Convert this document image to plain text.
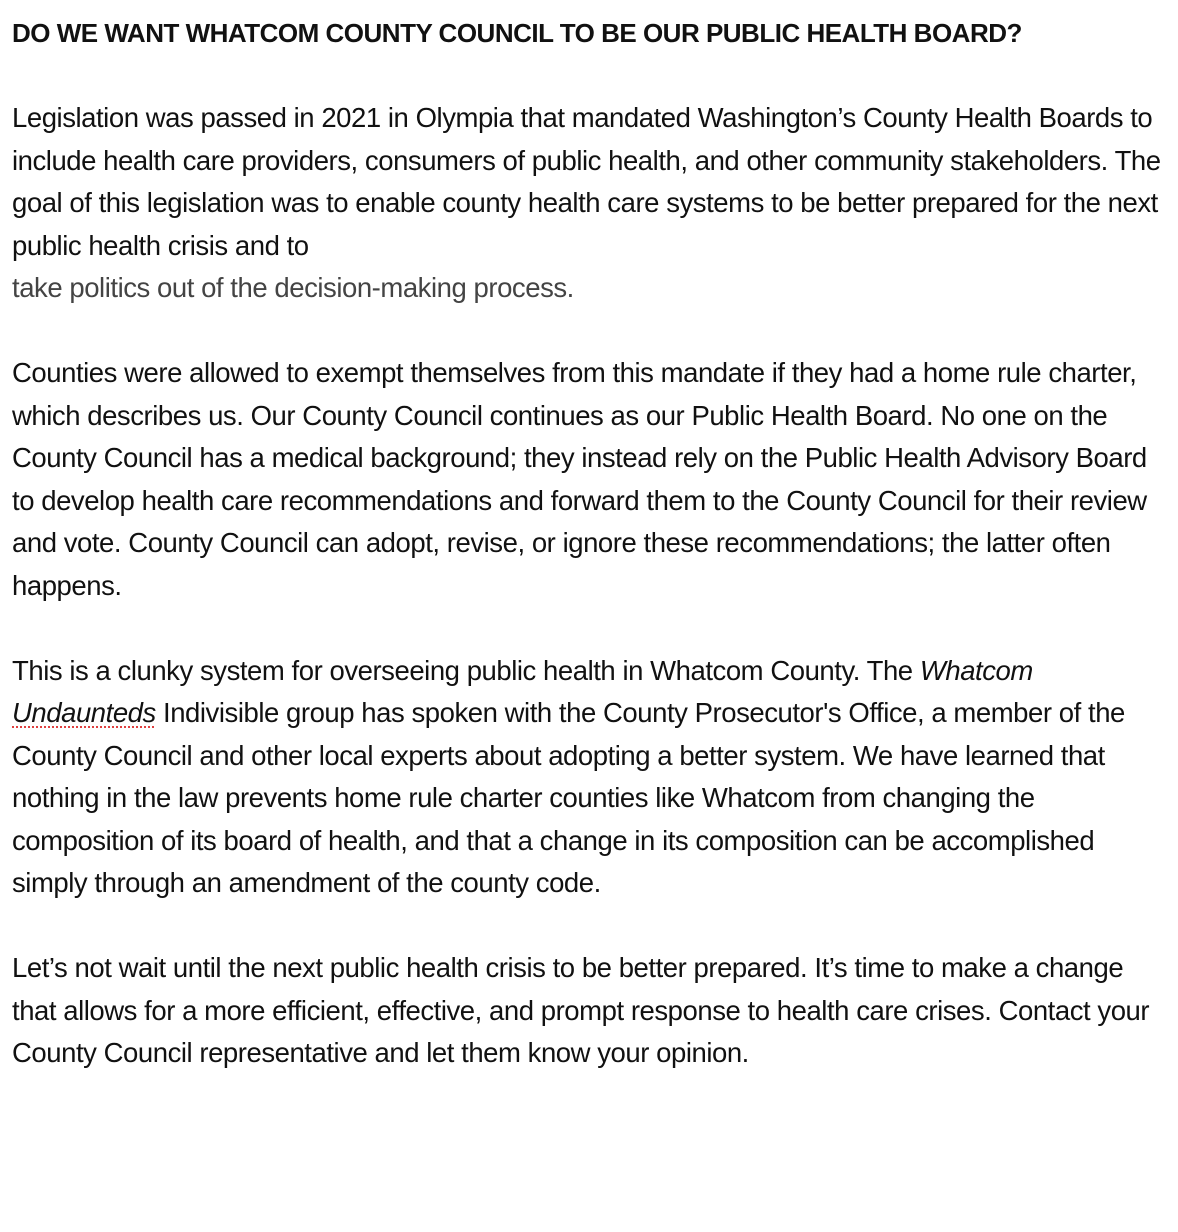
DO WE WANT WHATCOM COUNTY COUNCIL TO BE OUR PUBLIC HEALTH BOARD?

Legislation was passed in 2021 in Olympia that mandated Washington’s County Health Boards to include health care providers, consumers of public health, and other community stakeholders. The goal of this legislation was to enable county health care systems to be better prepared for the next public health crisis and to
take politics out of the decision-making process.

Counties were allowed to exempt themselves from this mandate if they had a home rule charter, which describes us. Our County Council continues as our Public Health Board. No one on the County Council has a medical background; they instead rely on the Public Health Advisory Board to develop health care recommendations and forward them to the County Council for their review and vote. County Council can adopt, revise, or ignore these recommendations; the latter often happens.

This is a clunky system for overseeing public health in Whatcom County. The Whatcom Undaunteds Indivisible group has spoken with the County Prosecutor's Office, a member of the County Council and other local experts about adopting a better system. We have learned that nothing in the law prevents home rule charter counties like Whatcom from changing the composition of its board of health, and that a change in its composition can be accomplished simply through an amendment of the county code.

Let’s not wait until the next public health crisis to be better prepared. It’s time to make a change that allows for a more efficient, effective, and prompt response to health care crises. Contact your County Council representative and let them know your opinion.
